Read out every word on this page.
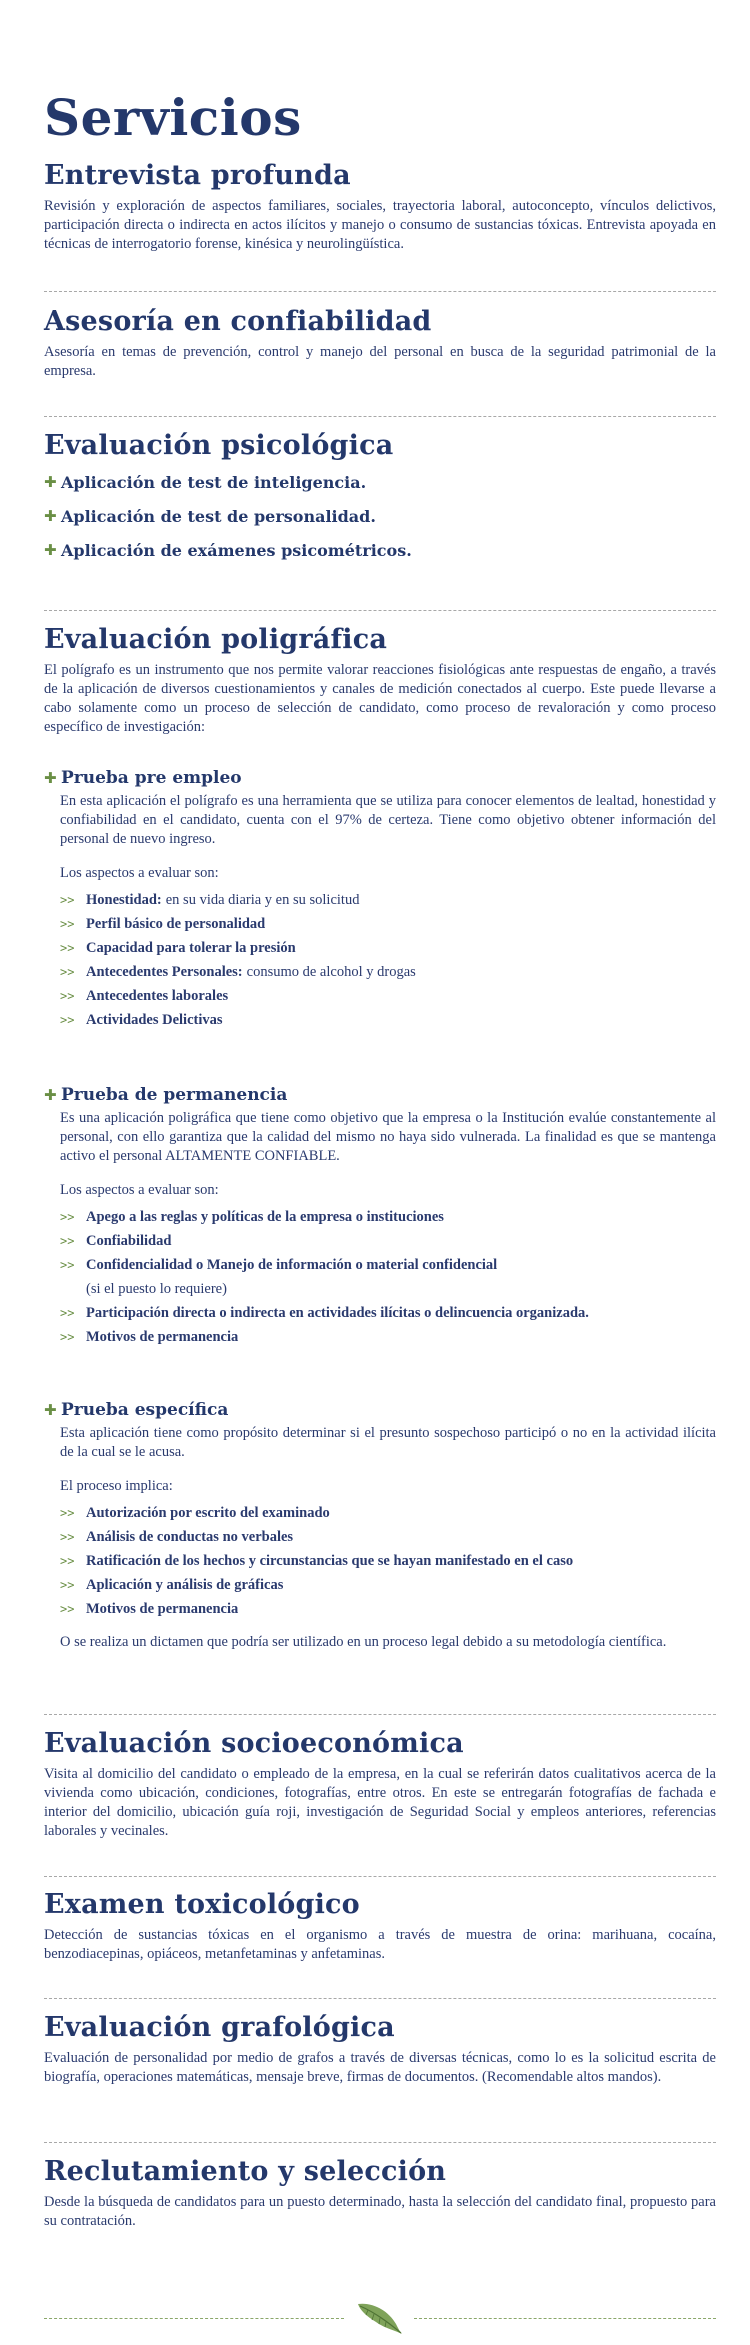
Servicios
Entrevista profunda

Revisión y exploración de aspectos familiares, sociales, trayectoria laboral, autoconcepto, vínculos delictivos, participación directa o indirecta en actos ilícitos y manejo o consumo de sustancias tóxicas. Entrevista apoyada en técnicas de interrogatorio forense, kinésica y neurolingüística.

Asesoría en confiabilidad

Asesoría en temas de prevención, control y manejo del personal en busca de la seguridad patrimonial de la empresa.

Evaluación psicológica
✚ Aplicación de test de inteligencia.
✚ Aplicación de test de personalidad.
✚ Aplicación de exámenes psicométricos.
Evaluación poligráfica

El polígrafo es un instrumento que nos permite valorar reacciones fisiológicas ante respuestas de engaño, a través de la aplicación de diversos cuestionamientos y canales de medición conectados al cuerpo. Este puede llevarse a cabo solamente como un proceso de selección de candidato, como proceso de revaloración y como proceso específico de investigación:

✚ Prueba pre empleo

En esta aplicación el polígrafo es una herramienta que se utiliza para conocer elementos de lealtad, honestidad y confiabilidad en el candidato, cuenta con el 97% de certeza. Tiene como objetivo obtener información del personal de nuevo ingreso.

Los aspectos a evaluar son:
>> Honestidad: en su vida diaria y en su solicitud
>> Perfil básico de personalidad
>> Capacidad para tolerar la presión
>> Antecedentes Personales: consumo de alcohol y drogas
>> Antecedentes laborales
>> Actividades Delictivas
✚ Prueba de permanencia

Es una aplicación poligráfica que tiene como objetivo que la empresa o la Institución evalúe constantemente al personal, con ello garantiza que la calidad del mismo no haya sido vulnerada. La finalidad es que se mantenga activo el personal ALTAMENTE CONFIABLE.

Los aspectos a evaluar son:
>> Apego a las reglas y políticas de la empresa o instituciones
>> Confiabilidad
>> Confidencialidad o Manejo de información o material confidencial
(si el puesto lo requiere)
>> Participación directa o indirecta en actividades ilícitas o delincuencia organizada.
>> Motivos de permanencia
✚ Prueba específica

Esta aplicación tiene como propósito determinar si el presunto sospechoso participó o no en la actividad ilícita de la cual se le acusa.

El proceso implica:
>> Autorización por escrito del examinado
>> Análisis de conductas no verbales
>> Ratificación de los hechos y circunstancias que se hayan manifestado en el caso
>> Aplicación y análisis de gráficas
>> Motivos de permanencia

O se realiza un dictamen que podría ser utilizado en un proceso legal debido a su metodología científica.

Evaluación socioeconómica

Visita al domicilio del candidato o empleado de la empresa, en la cual se referirán datos cualitativos acerca de la vivienda como ubicación, condiciones, fotografías, entre otros. En este se entregarán fotografías de fachada e interior del domicilio, ubicación guía roji, investigación de Seguridad Social y empleos anteriores, referencias laborales y vecinales.

Examen toxicológico

Detección de sustancias tóxicas en el organismo a través de muestra de orina: marihuana, cocaína, benzodiacepinas, opiáceos, metanfetaminas y anfetaminas.

Evaluación grafológica

Evaluación de personalidad por medio de grafos a través de diversas técnicas, como lo es la solicitud escrita de biografía, operaciones matemáticas, mensaje breve, firmas de documentos. (Recomendable altos mandos).

Reclutamiento y selección

Desde la búsqueda de candidatos para un puesto determinado, hasta la selección del candidato final, propuesto para su contratación.
